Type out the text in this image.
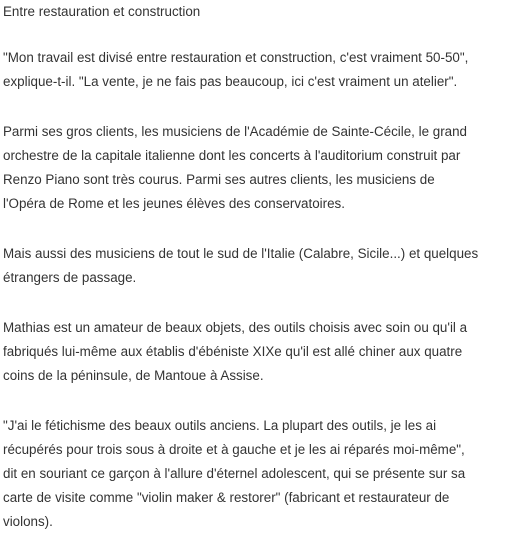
Entre restauration et construction

"Mon travail est divisé entre restauration et construction, c'est vraiment 50-50",
explique-t-il. "La vente, je ne fais pas beaucoup, ici c'est vraiment un atelier".

Parmi ses gros clients, les musiciens de l'Académie de Sainte-Cécile, le grand
orchestre de la capitale italienne dont les concerts à l'auditorium construit par
Renzo Piano sont très courus. Parmi ses autres clients, les musiciens de
l'Opéra de Rome et les jeunes élèves des conservatoires.

Mais aussi des musiciens de tout le sud de l'Italie (Calabre, Sicile...) et quelques
étrangers de passage.

Mathias est un amateur de beaux objets, des outils choisis avec soin ou qu'il a
fabriqués lui-même aux établis d'ébéniste XIXe qu'il est allé chiner aux quatre
coins de la péninsule, de Mantoue à Assise.

"J'ai le fétichisme des beaux outils anciens. La plupart des outils, je les ai
récupérés pour trois sous à droite et à gauche et je les ai réparés moi-même",
dit en souriant ce garçon à l'allure d'éternel adolescent, qui se présente sur sa
carte de visite comme "violin maker & restorer" (fabricant et restaurateur de
violons).
